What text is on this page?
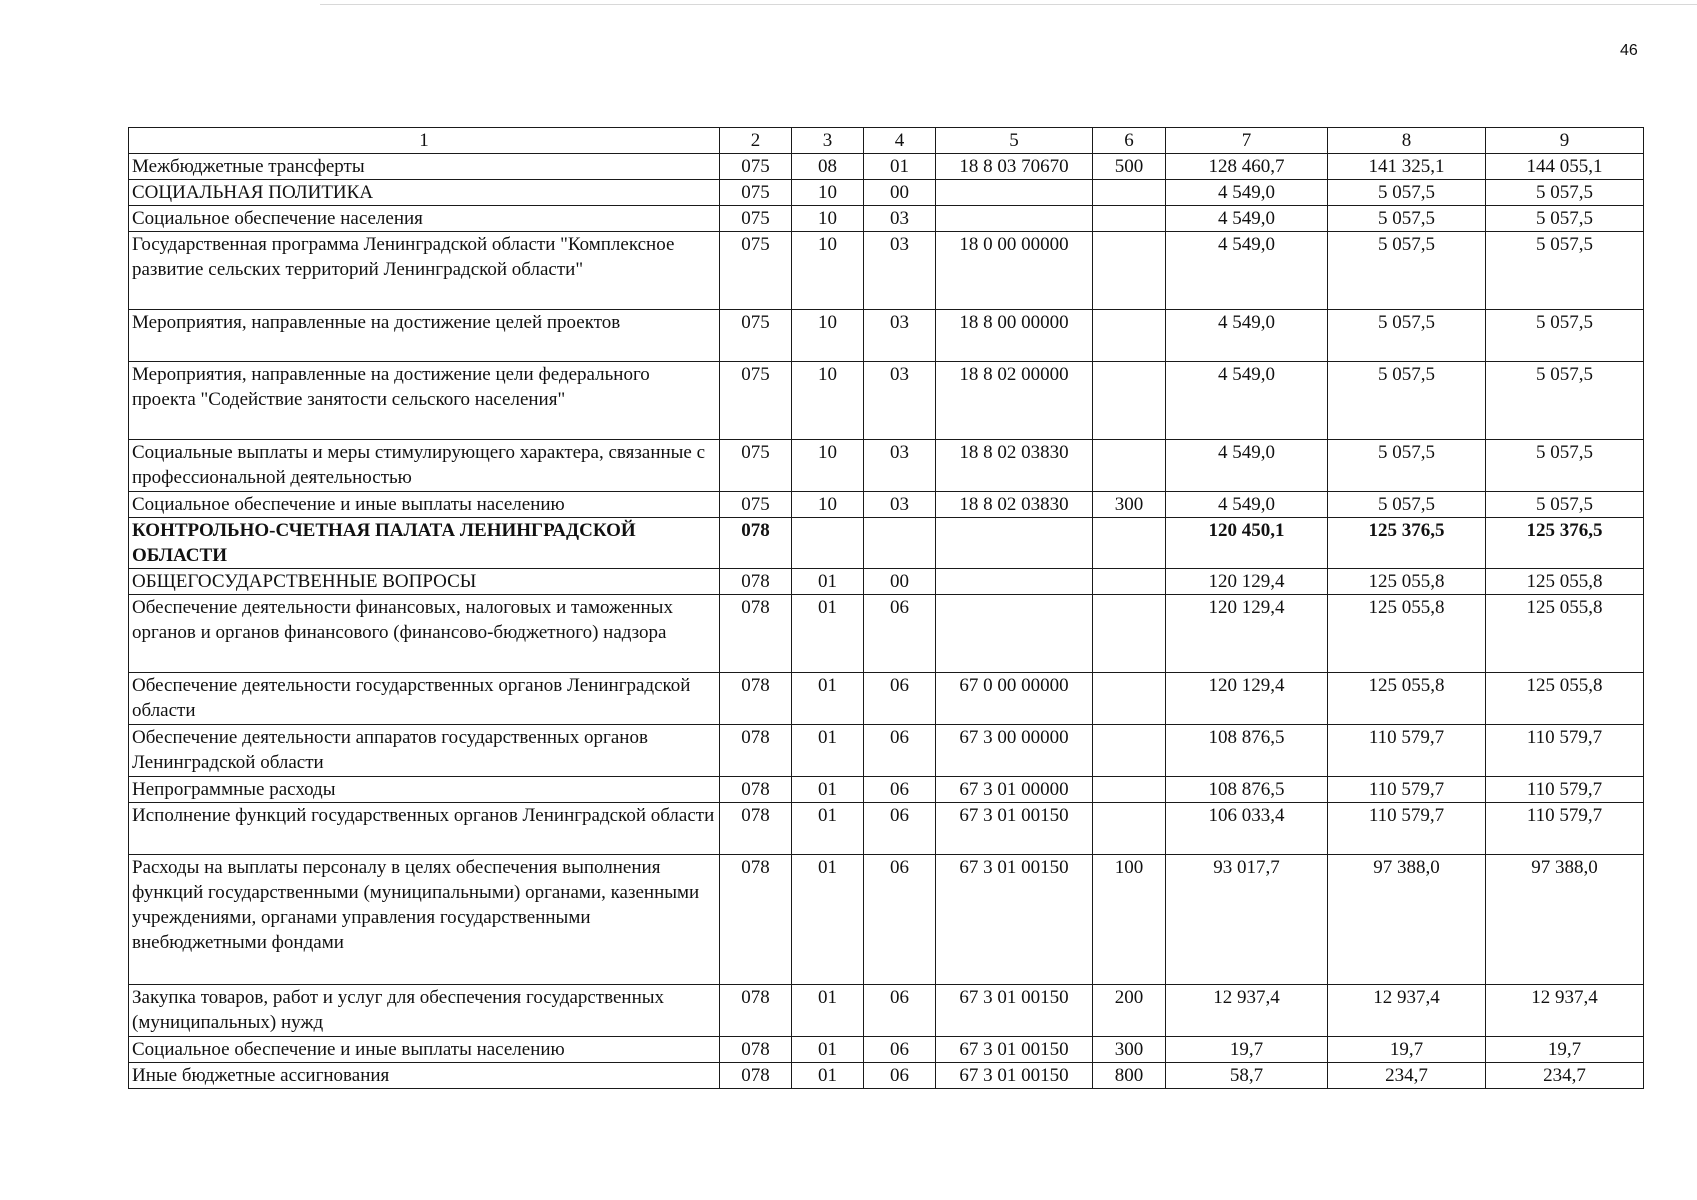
46
1	2	3	4	5	6	7	8	9
Межбюджетные трансферты	075	08	01	18 8 03 70670	500	128 460,7	141 325,1	144 055,1
СОЦИАЛЬНАЯ ПОЛИТИКА	075	10	00			4 549,0	5 057,5	5 057,5
Социальное обеспечение населения	075	10	03			4 549,0	5 057,5	5 057,5
Государственная программа Ленинградской области "Комплексное развитие сельских территорий Ленинградской области"	075	10	03	18 0 00 00000		4 549,0	5 057,5	5 057,5
Мероприятия, направленные на достижение целей проектов	075	10	03	18 8 00 00000		4 549,0	5 057,5	5 057,5
Мероприятия, направленные на достижение цели федерального проекта "Содействие занятости сельского населения"	075	10	03	18 8 02 00000		4 549,0	5 057,5	5 057,5
Социальные выплаты и меры стимулирующего характера, связанные с профессиональной деятельностью	075	10	03	18 8 02 03830		4 549,0	5 057,5	5 057,5
Социальное обеспечение и иные выплаты населению	075	10	03	18 8 02 03830	300	4 549,0	5 057,5	5 057,5
КОНТРОЛЬНО-СЧЕТНАЯ ПАЛАТА ЛЕНИНГРАДСКОЙ ОБЛАСТИ	078					120 450,1	125 376,5	125 376,5
ОБЩЕГОСУДАРСТВЕННЫЕ ВОПРОСЫ	078	01	00			120 129,4	125 055,8	125 055,8
Обеспечение деятельности финансовых, налоговых и таможенных органов и органов финансового (финансово-бюджетного) надзора	078	01	06			120 129,4	125 055,8	125 055,8
Обеспечение деятельности государственных органов Ленинградской области	078	01	06	67 0 00 00000		120 129,4	125 055,8	125 055,8
Обеспечение деятельности аппаратов государственных органов Ленинградской области	078	01	06	67 3 00 00000		108 876,5	110 579,7	110 579,7
Непрограммные расходы	078	01	06	67 3 01 00000		108 876,5	110 579,7	110 579,7
Исполнение функций государственных органов Ленинградской области	078	01	06	67 3 01 00150		106 033,4	110 579,7	110 579,7
Расходы на выплаты персоналу в целях обеспечения выполнения функций государственными (муниципальными) органами, казенными учреждениями, органами управления государственными внебюджетными фондами	078	01	06	67 3 01 00150	100	93 017,7	97 388,0	97 388,0
Закупка товаров, работ и услуг для обеспечения государственных (муниципальных) нужд	078	01	06	67 3 01 00150	200	12 937,4	12 937,4	12 937,4
Социальное обеспечение и иные выплаты населению	078	01	06	67 3 01 00150	300	19,7	19,7	19,7
Иные бюджетные ассигнования	078	01	06	67 3 01 00150	800	58,7	234,7	234,7
